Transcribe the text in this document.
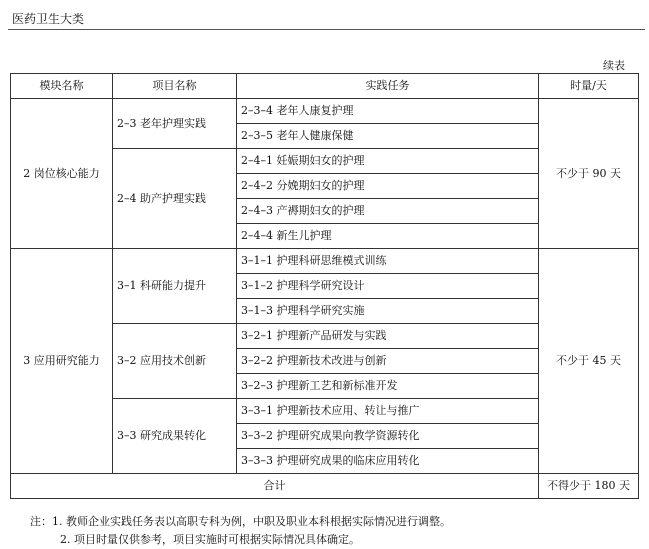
医药卫生大类
续表
模块名称	项目名称	实践任务	时量/天
2 岗位核心能力	2–3 老年护理实践	2–3–4 老年人康复护理	不少于 90 天
		2–3–5 老年人健康保健	
	2–4 助产护理实践	2–4–1 妊娠期妇女的护理	
		2–4–2 分娩期妇女的护理	
		2–4–3 产褥期妇女的护理	
		2–4–4 新生儿护理	
3 应用研究能力	3–1 科研能力提升	3–1–1 护理科研思维模式训练	不少于 45 天
		3–1–2 护理科学研究设计	
		3–1–3 护理科学研究实施	
	3–2 应用技术创新	3–2–1 护理新产品研发与实践	
		3–2–2 护理新技术改进与创新	
		3–2–3 护理新工艺和新标准开发	
	3–3 研究成果转化	3–3–1 护理新技术应用、转让与推广	
		3–3–2 护理研究成果向教学资源转化	
		3–3–3 护理研究成果的临床应用转化	
合计			不得少于 180 天
注：1. 教师企业实践任务表以高职专科为例，中职及职业本科根据实际情况进行调整。
2. 项目时量仅供参考，项目实施时可根据实际情况具体确定。
